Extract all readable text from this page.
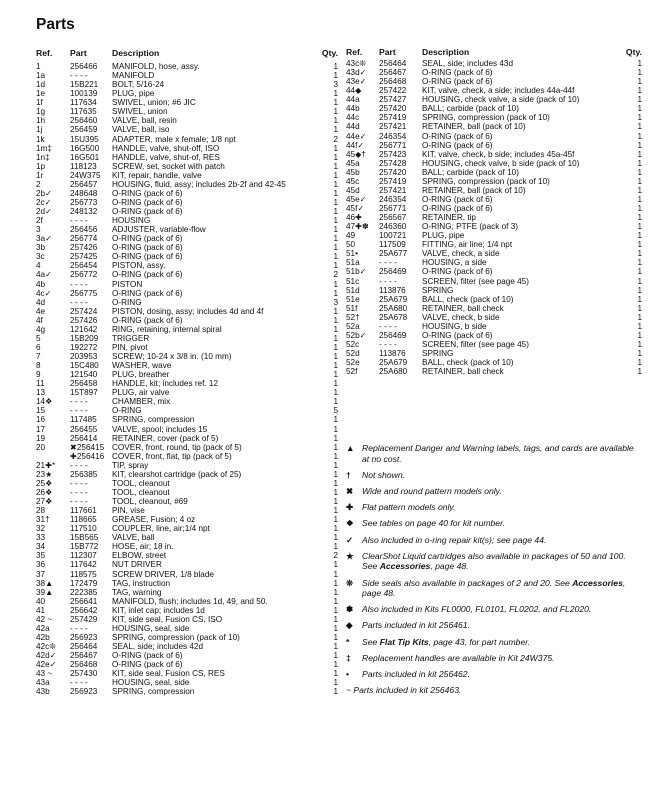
Parts
Ref.	Part	Description	Qty.
1	256466	MANIFOLD, hose, assy.	1
1a	- - - -	MANIFOLD	1
1d	15B221	BOLT; 5/16-24	3
1e	100139	PLUG, pipe	1
1f	117634	SWIVEL, union; #6 JIC	1
1g	117635	SWIVEL, union	1
1h	256460	VALVE, ball, resin	1
1j	256459	VALVE, ball, iso	1
1k	15U395	ADAPTER, male x female; 1/8 npt	2
1m‡	16G500	HANDLE, valve, shut-off, ISO	1
1n‡	16G501	HANDLE, valve, shut-of, RES	1
1p	118123	SCREW, set, socket with patch	1
1r	24W375	KIT, repair, handle, valve	1
2	256457	HOUSING, fluid, assy; includes 2b-2f and 42-45	1
2b✓	248648	O-RING (pack of 6)	1
2c✓	256773	O-RING (pack of 6)	1
2d✓	248132	O-RING (pack of 6)	1
2f	- - - -	HOUSING	1
3	256456	ADJUSTER, variable-flow	1
3a✓	256774	O-RING (pack of 6)	1
3b	257426	O-RING (pack of 6)	1
3c	257425	O-RING (pack of 6)	1
4	256454	PISTON, assy.	1
4a✓	256772	O-RING (pack of 6)	2
4b	- - - -	PISTON	1
4c✓	256775	O-RING (pack of 6)	1
4d	- - - -	O-RING	3
4e	257424	PISTON, dosing, assy; includes 4d and 4f	1
4f	257426	O-RING (pack of 6)	1
4g	121642	RING, retaining, internal spiral	1
5	15B209	TRIGGER	1
6	192272	PIN, pivot	1
7	203953	SCREW; 10-24 x 3/8 in. (10 mm)	1
8	15C480	WASHER, wave	1
9	121540	PLUG, breather	1
11	256458	HANDLE, kit; includes ref. 12	1
13	15T897	PLUG, air valve	1
14❖	- - - -	CHAMBER, mix	1
15	- - - -	O-RING	5
16	117485	SPRING, compression	1
17	256455	VALVE, spool; includes 15	1
19	256414	RETAINER, cover (pack of 5)	1
20	✖256415 COVER, front, round, tip (pack of 5)	1
✚256416 COVER, front, flat, tip (pack of 5)	1
21✚*	- - - -	TIP, spray	1
23★	256385	KIT, clearshot cartridge (pack of 25)	1
25❖	- - - -	TOOL, cleanout	1
26❖	- - - -	TOOL, cleanout	1
27❖	- - - -	TOOL, cleanout, #69	1
28	117661	PIN, vise	1
31†	118665	GREASE, Fusion; 4 oz	1
32	117510	COUPLER, line, air;1/4 npt	1
33	15B565	VALVE, ball	1
34	15B772	HOSE, air; 18 in.	1
35	112307	ELBOW, street	2
36	117642	NUT DRIVER	1
37	118575	SCREW DRIVER, 1/8 blade	1
38▲	172479	TAG, instruction	1
39▲	222385	TAG, warning	1
40	256641	MANIFOLD, flush; includes 1d, 49, and 50.	1
41	256642	KIT, inlet cap; includes 1d	1
42 ~	257429	KIT, side seal, Fusion CS, ISO	1
42a	- - - -	HOUSING, seal, side	1
42b	256923	SPRING, compression (pack of 10)	1
42c❊	256464	SEAL, side; includes 42d	1
42d✓	256467	O-RING (pack of 6)	1
42e✓	256468	O-RING (pack of 6)	1
43 ~	257430	KIT, side seal, Fusion CS, RES	1
43a	- - - -	HOUSING, seal, side	1
43b	256923	SPRING, compression	1
Ref.	Part	Description	Qty.
43c❊	256464	SEAL, side; includes 43d	1
43d✓	256467	O-RING (pack of 6)	1
43e✓	256468	O-RING (pack of 6)	1
44◆	257422	KIT, valve, check, a side; includes 44a-44f	1
44a	257427	HOUSING, check valve, a side (pack of 10)	1
44b	257420	BALL; carbide (pack of 10)	1
44c	257419	SPRING, compression (pack of 10)	1
44d	257421	RETAINER, ball (pack of 10)	1
44e✓	246354	O-RING (pack of 6)	1
44f✓	256771	O-RING (pack of 6)	1
45◆†	257423	KIT, valve, check, b side; includes 45a-45f	1
45a	257428	HOUSING, check valve, b side (pack of 10)	1
45b	257420	BALL; carbide (pack of 10)	1
45c	257419	SPRING, compression (pack of 10)	1
45d	257421	RETAINER, ball (pack of 10)	1
45e✓	246354	O-RING (pack of 6)	1
45f✓	256771	O-RING (pack of 6)	1
46✚	256567	RETAINER, tip	1
47✚✽	246360	O-RING; PTFE (pack of 3)	1
49	100721	PLUG, pipe	1
50	117509	FITTING, air line; 1/4 npt	1
51•	25A677	VALVE, check, a side	1
51a	- - - -	HOUSING, a side	1
51b✓	256469	O-RING (pack of 6)	1
51c	- - - -	SCREEN, filter (see page 45)	1
51d	113876	SPRING	1
51e	25A679	BALL, check (pack of 10)	1
51f	25A680	RETAINER, ball check	1
52†	25A678	VALVE, check, b side	1
52a	- - - -	HOUSING, b side	1
52b✓	256469	O-RING (pack of 6)	1
52c	- - - -	SCREEN, filter (see page 45)	1
52d	113876	SPRING	1
52e	25A679	BALL, check (pack of 10)	1
52f	25A680	RETAINER, ball check	1
▲ Replacement Danger and Warning labels, tags, and cards are available at no cost.
†	Not shown.
✖	Wide and round pattern models only.
✚	Flat pattern models only.
❖ See tables on page 40 for kit number.
✓	Also included in o-ring repair kit(s); see page 44.
★ ClearShot Liquid cartridges also available in packages of 50 and 100. See Accessories, page 48.
❊	Side seals also available in packages of 2 and 20. See Accessories, page 48.
✽	Also included in Kits FL0000, FL0101, FL0202, and FL2020.
◆	Parts included in kit 256461.
*	See Flat Tip Kits, page 43, for part number.
‡	Replacement handles are available in Kit 24W375.
•	Parts included in kit 256462.
~ Parts included in kit 256463.
